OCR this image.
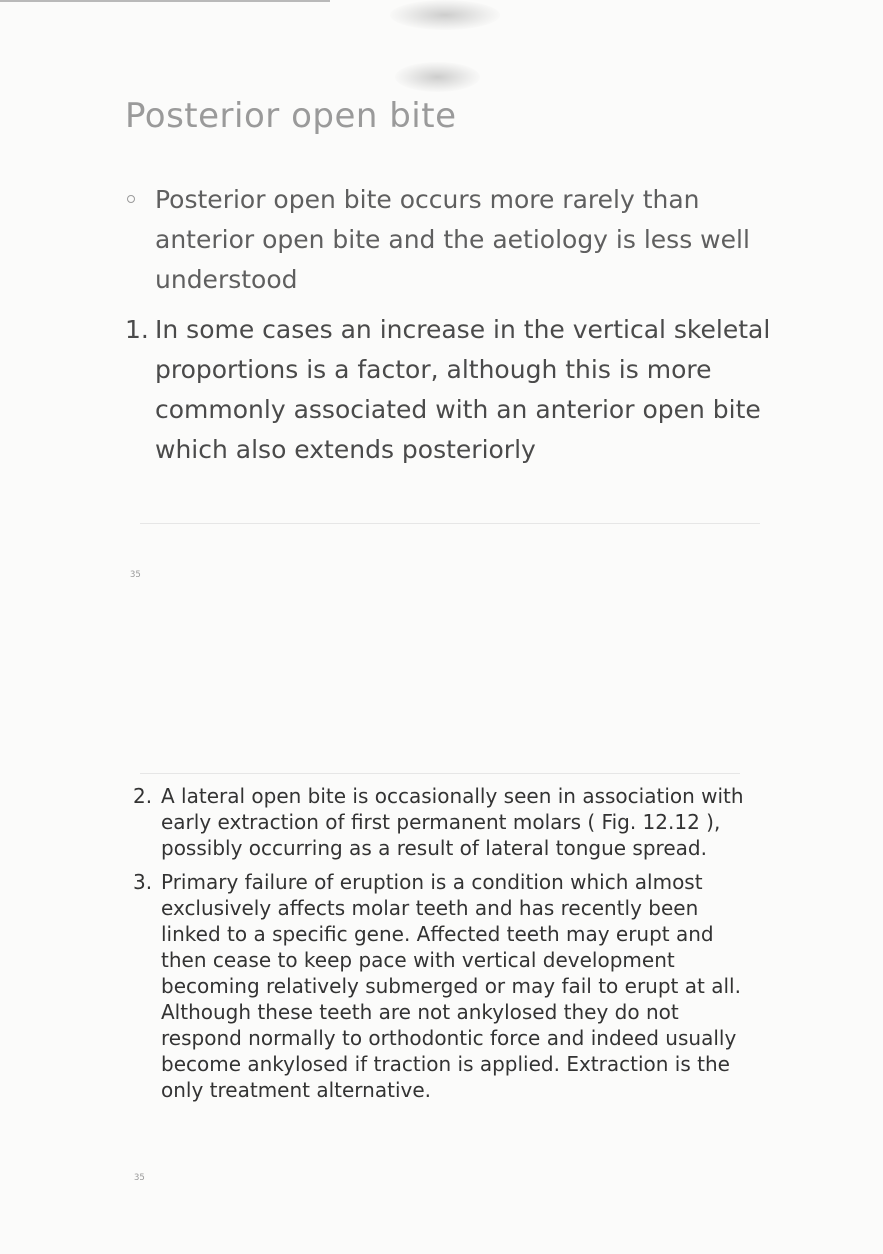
Posterior open bite
Posterior open bite occurs more rarely than anterior open bite and the aetiology is less well understood
1. In some cases an increase in the vertical skeletal proportions is a factor, although this is more commonly associated with an anterior open bite which also extends posteriorly
35
2. A lateral open bite is occasionally seen in association with early extraction of first permanent molars ( Fig. 12.12 ), possibly occurring as a result of lateral tongue spread.
3. Primary failure of eruption is a condition which almost exclusively affects molar teeth and has recently been linked to a specific gene. Affected teeth may erupt and then cease to keep pace with vertical development becoming relatively submerged or may fail to erupt at all. Although these teeth are not ankylosed they do not respond normally to orthodontic force and indeed usually become ankylosed if traction is applied. Extraction is the only treatment alternative.
35
